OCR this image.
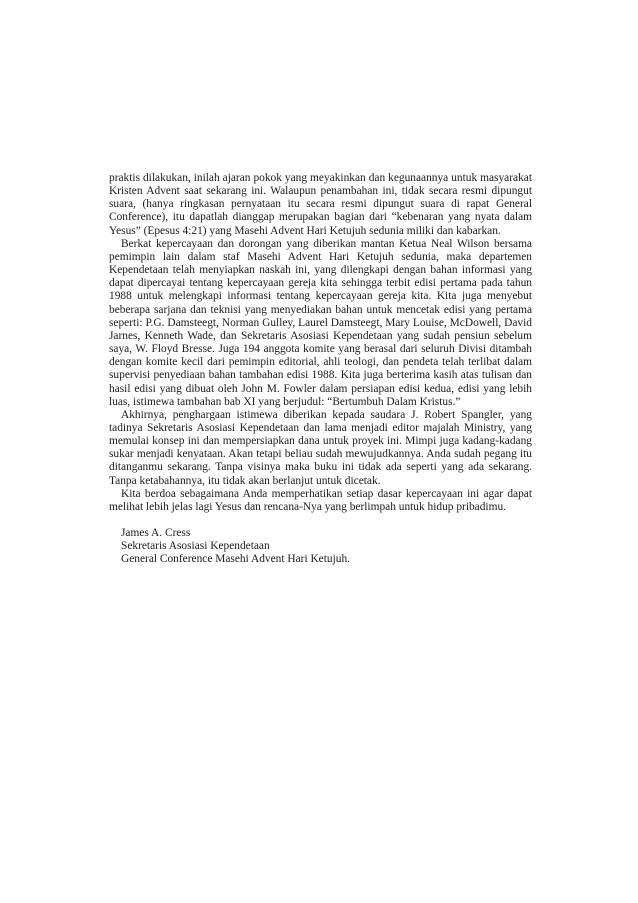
praktis dilakukan, inilah ajaran pokok yang meyakinkan dan kegunaannya untuk masyarakat Kristen Advent saat sekarang ini. Walaupun penambahan ini, tidak secara resmi dipungut suara, (hanya ringkasan pernyataan itu secara resmi dipungut suara di rapat General Conference), itu dapatlah dianggap merupakan bagian dari “kebenaran yang nyata dalam Yesus” (Epesus 4:21) yang Masehi Advent Hari Ketujuh sedunia miliki dan kabarkan.

Berkat kepercayaan dan dorongan yang diberikan mantan Ketua Neal Wilson bersama pemimpin lain dalam staf Masehi Advent Hari Ketujuh sedunia, maka departemen Kependetaan telah menyiapkan naskah ini, yang dilengkapi dengan bahan informasi yang dapat dipercayai tentang kepercayaan gereja kita sehingga terbit edisi pertama pada tahun 1988 untuk melengkapi informasi tentang kepercayaan gereja kita. Kita juga menyebut beberapa sarjana dan teknisi yang menyediakan bahan untuk mencetak edisi yang pertama seperti: P.G. Damsteegt, Norman Gulley, Laurel Damsteegt, Mary Louise, McDowell, David Jarnes, Kenneth Wade, dan Sekretaris Asosiasi Kependetaan yang sudah pensiun sebelum saya, W. Floyd Bresse. Juga 194 anggota komite yang berasal dari seluruh Divisi ditambah dengan komite kecil dari pemimpin editorial, ahli teologi, dan pendeta telah terlibat dalam supervisi penyediaan bahan tambahan edisi 1988. Kita juga berterima kasih atas tulisan dan hasil edisi yang dibuat oleh John M. Fowler dalam persiapan edisi kedua, edisi yang lebih luas, istimewa tambahan bab XI yang berjudul: “Bertumbuh Dalam Kristus.”

Akhirnya, penghargaan istimewa diberikan kepada saudara J. Robert Spangler, yang tadinya Sekretaris Asosiasi Kependetaan dan lama menjadi editor majalah Ministry, yang memulai konsep ini dan mempersiapkan dana untuk proyek ini. Mimpi juga kadang-kadang sukar menjadi kenyataan. Akan tetapi beliau sudah mewujudkannya. Anda sudah pegang itu ditanganmu sekarang. Tanpa visinya maka buku ini tidak ada seperti yang ada sekarang. Tanpa ketabahannya, itu tidak akan berlanjut untuk dicetak.

Kita berdoa sebagaimana Anda memperhatikan setiap dasar kepercayaan ini agar dapat melihat lebih jelas lagi Yesus dan rencana-Nya yang berlimpah untuk hidup pribadimu.

James A. Cress
Sekretaris Asosiasi Kependetaan
General Conference Masehi Advent Hari Ketujuh.
